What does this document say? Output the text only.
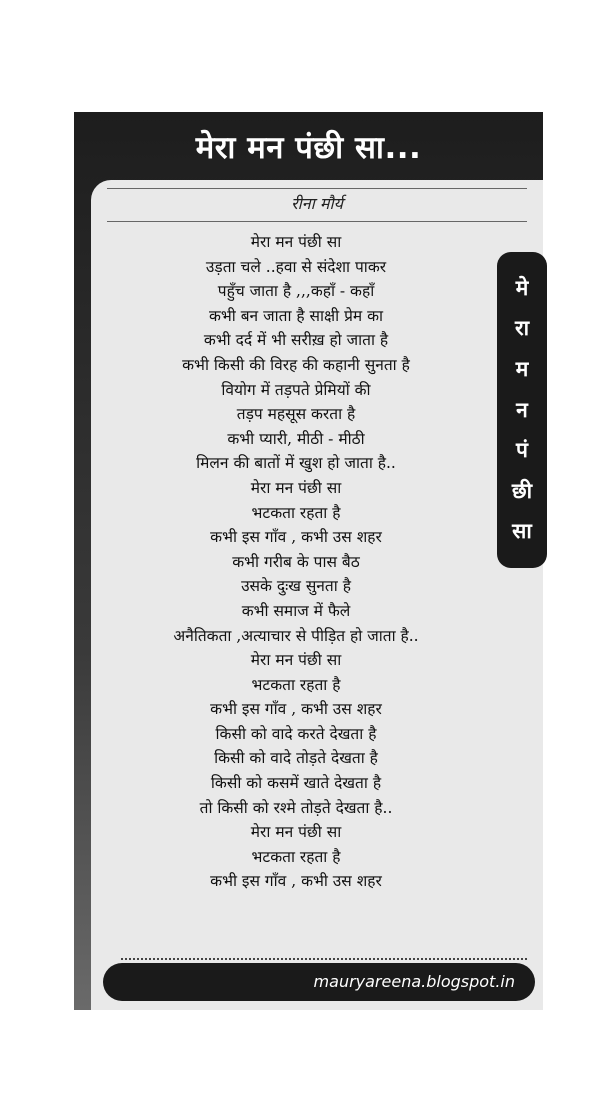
मेरा मन पंछी सा...
रीना मौर्य
मेरा मन पंछी सा
उड़ता चले ..हवा से संदेशा पाकर
पहुँच जाता है ,,,कहाँ - कहाँ
कभी बन जाता है साक्षी प्रेम का
कभी दर्द में भी सरीख़ हो जाता है
कभी किसी की विरह की कहानी सुनता है
वियोग में तड़पते प्रेमियों की
तड़प महसूस करता है
कभी प्यारी, मीठी - मीठी
मिलन की बातों में खुश हो जाता है..
मेरा मन पंछी सा
भटकता रहता है
कभी इस गाँव , कभी उस शहर
कभी गरीब के पास बैठ
उसके दुःख सुनता है
कभी समाज में फैले
अनैतिकता ,अत्याचार से पीड़ित हो जाता है..
मेरा मन पंछी सा
भटकता रहता है
कभी इस गाँव , कभी उस शहर
किसी को वादे करते देखता है
किसी को वादे तोड़ते देखता है
किसी को कसमें खाते देखता है
तो किसी को रश्मे तोड़ते देखता है..
मेरा मन पंछी सा
भटकता रहता है
कभी इस गाँव , कभी उस शहर
मे
रा
म
न
पं
छी
सा
mauryareena.blogspot.in
